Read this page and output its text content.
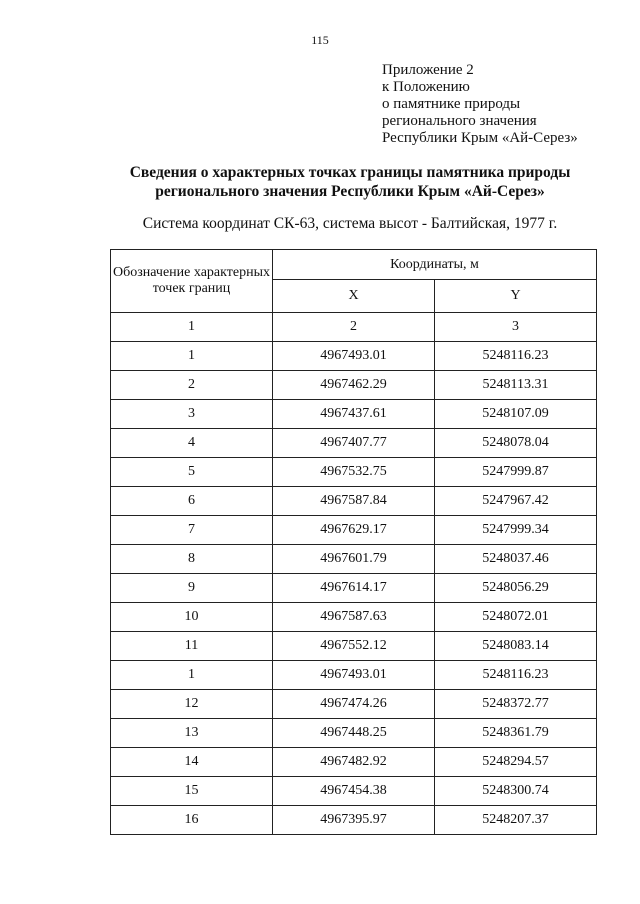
115
Приложение 2
к Положению
о памятнике природы
регионального значения
Республики Крым «Ай-Серез»
Сведения о характерных точках границы памятника природы
регионального значения Республики Крым «Ай-Серез»
Система координат СК-63, система высот - Балтийская, 1977 г.
Обозначение характерных точек границ	Координаты, м	
	X	Y
1	2	3
1	4967493.01	5248116.23
2	4967462.29	5248113.31
3	4967437.61	5248107.09
4	4967407.77	5248078.04
5	4967532.75	5247999.87
6	4967587.84	5247967.42
7	4967629.17	5247999.34
8	4967601.79	5248037.46
9	4967614.17	5248056.29
10	4967587.63	5248072.01
11	4967552.12	5248083.14
1	4967493.01	5248116.23
12	4967474.26	5248372.77
13	4967448.25	5248361.79
14	4967482.92	5248294.57
15	4967454.38	5248300.74
16	4967395.97	5248207.37
